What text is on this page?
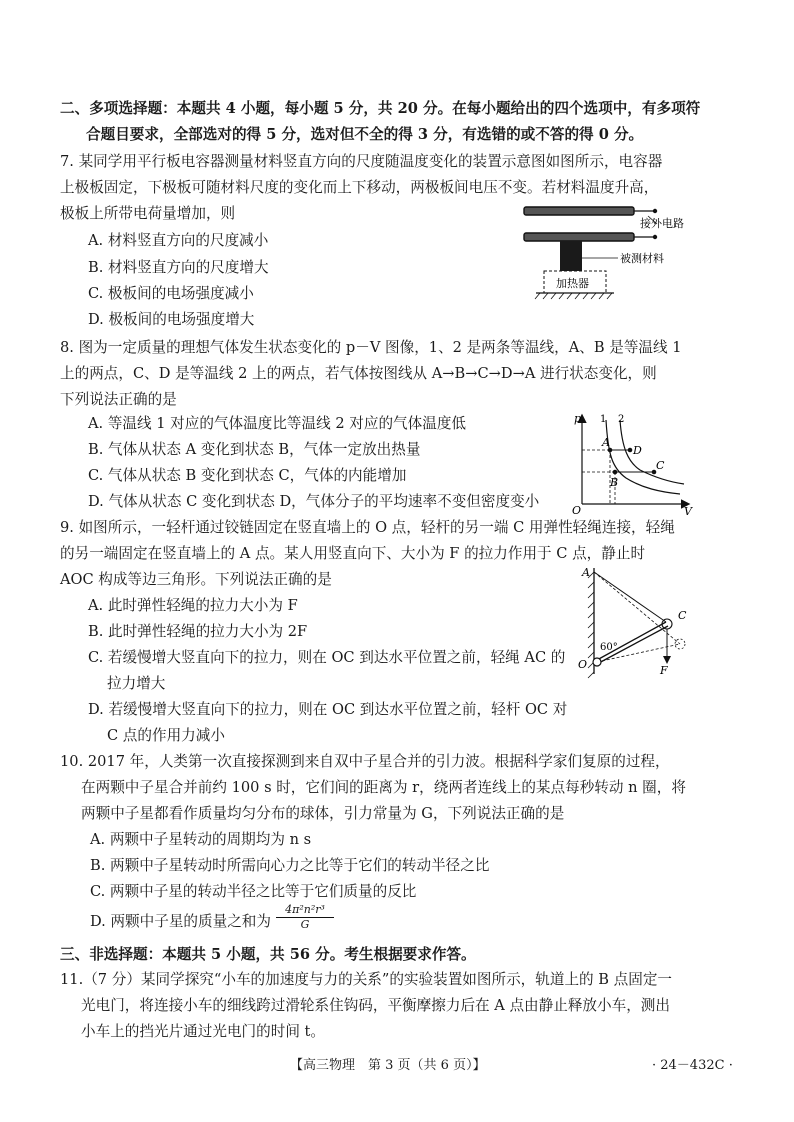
二、多项选择题：本题共 4 小题，每小题 5 分，共 20 分。在每小题给出的四个选项中，有多项符
合题目要求，全部选对的得 5 分，选对但不全的得 3 分，有选错的或不答的得 0 分。
7. 某同学用平行板电容器测量材料竖直方向的尺度随温度变化的装置示意图如图所示，电容器
上极板固定，下极板可随材料尺度的变化而上下移动，两极板间电压不变。若材料温度升高，
极板上所带电荷量增加，则
A. 材料竖直方向的尺度减小
B. 材料竖直方向的尺度增大
C. 极板间的电场强度减小
D. 极板间的电场强度增大
接外电路
被测材料
加热器
8. 图为一定质量的理想气体发生状态变化的 p－V 图像，1、2 是两条等温线，A、B 是等温线 1
上的两点，C、D 是等温线 2 上的两点，若气体按图线从 A→B→C→D→A 进行状态变化，则
下列说法正确的是
A. 等温线 1 对应的气体温度比等温线 2 对应的气体温度低
B. 气体从状态 A 变化到状态 B，气体一定放出热量
C. 气体从状态 B 变化到状态 C，气体的内能增加
D. 气体从状态 C 变化到状态 D，气体分子的平均速率不变但密度变小
p
V
O
1 2
A
B
C
D
9. 如图所示，一轻杆通过铰链固定在竖直墙上的 O 点，轻杆的另一端 C 用弹性轻绳连接，轻绳
的另一端固定在竖直墙上的 A 点。某人用竖直向下、大小为 F 的拉力作用于 C 点，静止时
AOC 构成等边三角形。下列说法正确的是
A. 此时弹性轻绳的拉力大小为 F
B. 此时弹性轻绳的拉力大小为 2F
C. 若缓慢增大竖直向下的拉力，则在 OC 到达水平位置之前，轻绳 AC 的
拉力增大
D. 若缓慢增大竖直向下的拉力，则在 OC 到达水平位置之前，轻杆 OC 对
C 点的作用力减小
A
C
O	F
60°
10. 2017 年，人类第一次直接探测到来自双中子星合并的引力波。根据科学家们复原的过程，
在两颗中子星合并前约 100 s 时，它们间的距离为 r，绕两者连线上的某点每秒转动 n 圈，将
两颗中子星都看作质量均匀分布的球体，引力常量为 G，下列说法正确的是
A. 两颗中子星转动的周期均为 n s
B. 两颗中子星转动时所需向心力之比等于它们的转动半径之比
C. 两颗中子星的转动半径之比等于它们质量的反比
D. 两颗中子星的质量之和为 $\frac{\text{4π²n²r³}}{G}$
三、非选择题：本题共 5 小题，共 56 分。考生根据要求作答。
11.（7 分）某同学探究“小车的加速度与力的关系”的实验装置如图所示，轨道上的 B 点固定一
光电门，将连接小车的细线跨过滑轮系住钩码，平衡摩擦力后在 A 点由静止释放小车，测出
小车上的挡光片通过光电门的时间 t。
【高三物理　第 3 页（共 6 页）】	· 24－432C ·
